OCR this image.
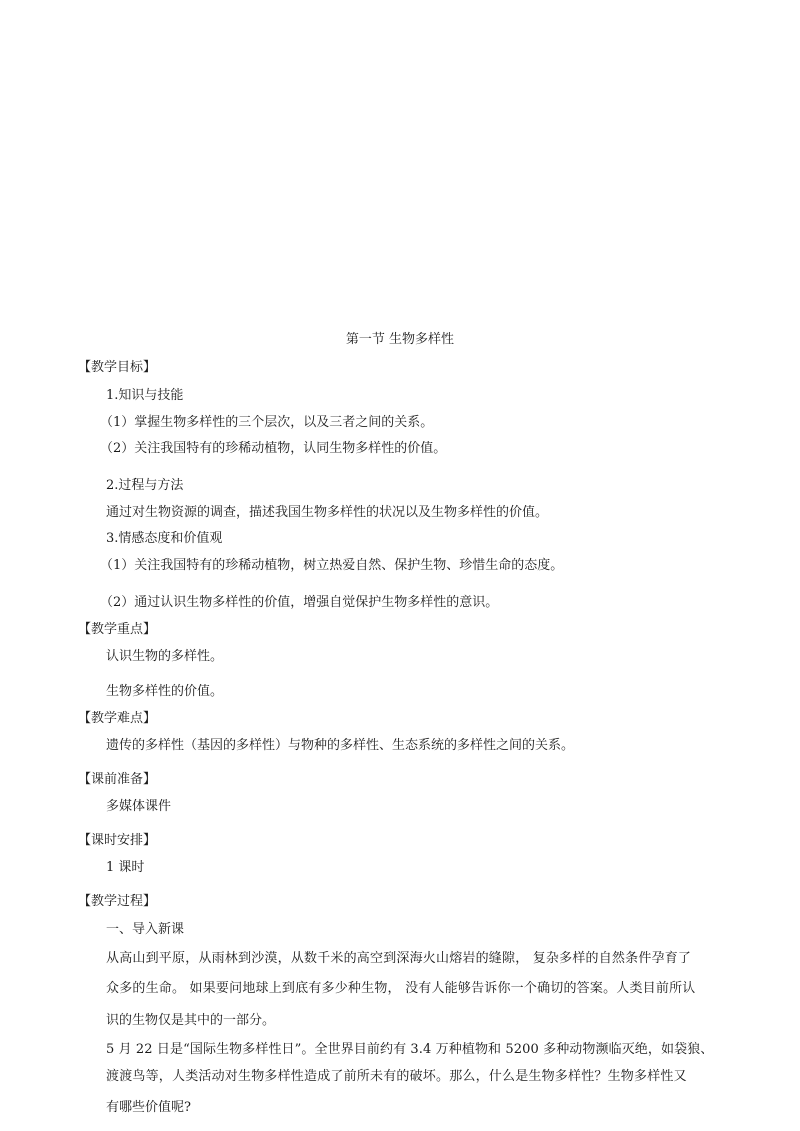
第一节 生物多样性

【教学目标】

1.知识与技能

（1）掌握生物多样性的三个层次，以及三者之间的关系。

（2）关注我国特有的珍稀动植物，认同生物多样性的价值。

2.过程与方法

通过对生物资源的调查，描述我国生物多样性的状况以及生物多样性的价值。

3.情感态度和价值观

（1）关注我国特有的珍稀动植物，树立热爱自然、保护生物、珍惜生命的态度。

（2）通过认识生物多样性的价值，增强自觉保护生物多样性的意识。

【教学重点】

认识生物的多样性。

生物多样性的价值。

【教学难点】

遗传的多样性（基因的多样性）与物种的多样性、生态系统的多样性之间的关系。

【课前准备】

多媒体课件

【课时安排】

1 课时

【教学过程】

一、导入新课

从高山到平原，从雨林到沙漠，从数千米的高空到深海火山熔岩的缝隙， 复杂多样的自然条件孕育了

众多的生命。 如果要问地球上到底有多少种生物， 没有人能够告诉你一个确切的答案。人类目前所认

识的生物仅是其中的一部分。

5 月 22 日是“国际生物多样性日”。全世界目前约有 3.4 万种植物和 5200 多种动物濒临灭绝，如袋狼、

渡渡鸟等，人类活动对生物多样性造成了前所未有的破坏。那么，什么是生物多样性？生物多样性又

有哪些价值呢?
